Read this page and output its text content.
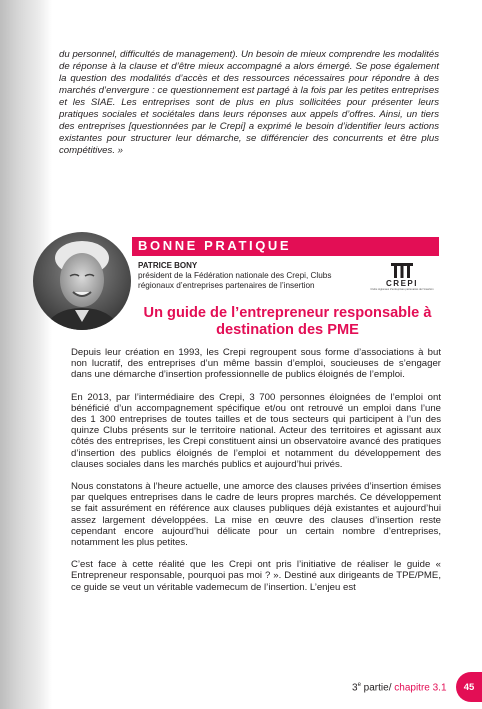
du personnel, difficultés de management). Un besoin de mieux comprendre les modalités de réponse à la clause et d’être mieux accompagné a alors émergé. Se pose également la question des modalités d’accès et des ressources nécessaires pour répondre à des marchés d’envergure : ce questionnement est partagé à la fois par les petites entreprises et les SIAE. Les entreprises sont de plus en plus sollicitées pour présenter leurs pratiques sociales et sociétales dans leurs réponses aux appels d’offres. Ainsi, un tiers des entreprises [questionnées par le Crepi] a exprimé le besoin d’identifier leurs actions existantes pour structurer leur démarche, se différencier des concurrents et être plus compétitives. »

BONNE PRATIQUE
PATRICE BONY
président de la Fédération nationale des Crepi, Clubs régionaux d’entreprises partenaires de l’insertion	CREPI
Clubs régionaux d'entreprises partenaires de l'insertion
Un guide de l’entrepreneur responsable à destination des PME

Depuis leur création en 1993, les Crepi regroupent sous forme d’associations à but non lucratif, des entreprises d’un même bassin d’emploi, soucieuses de s’engager dans une démarche d’insertion professionnelle de publics éloignés de l’emploi.

En 2013, par l’intermédiaire des Crepi, 3 700 personnes éloignées de l’emploi ont bénéficié d’un accompagnement spécifique et/ou ont retrouvé un emploi dans l’une des 1 300 entreprises de toutes tailles et de tous secteurs qui participent à l’un des quinze Clubs présents sur le territoire national. Acteur des territoires et agissant aux côtés des entreprises, les Crepi constituent ainsi un observatoire avancé des pratiques d’insertion des publics éloignés de l’emploi et notamment du développement des clauses sociales dans les marchés publics et aujourd’hui privés.

Nous constatons à l’heure actuelle, une amorce des clauses privées d’insertion émises par quelques entreprises dans le cadre de leurs propres marchés. Ce développement se fait assurément en référence aux clauses publiques déjà existantes et aujourd’hui assez largement développées. La mise en œuvre des clauses d’insertion reste cependant encore aujourd’hui délicate pour un certain nombre d’entreprises, notamment les plus petites.

C’est face à cette réalité que les Crepi ont pris l’initiative de réaliser le guide « Entrepreneur responsable, pourquoi pas moi ? ». Destiné aux dirigeants de TPE/PME, ce guide se veut un véritable vademecum de l’insertion. L’enjeu est

3e partie/ chapitre 3.1	45
